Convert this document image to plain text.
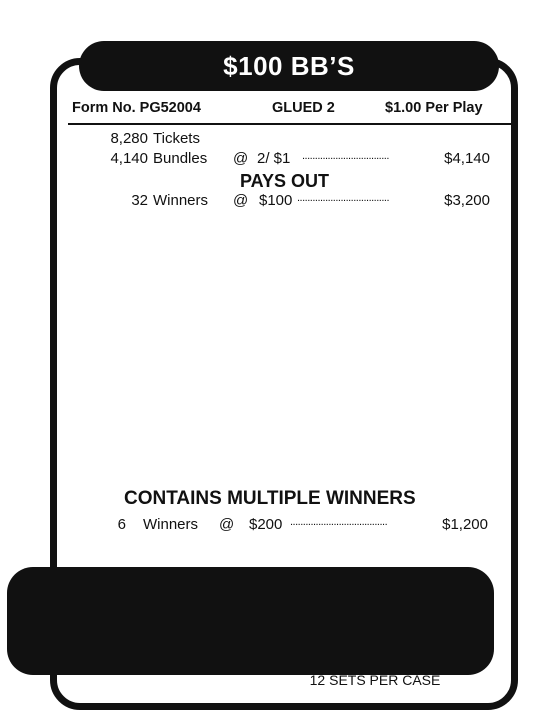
$100 BB’S
Form No. PG52004	GLUED 2	$1.00 Per Play
8,280 Tickets
4,140 Bundles @ 2/ $1 ..................................	$4,140
PAYS OUT
32 Winners @ $100 ....................................	$3,200
CONTAINS MULTIPLE WINNERS
6 Winners @ $200 ......................................	$1,200
TOTAL PAYOUT ...................... $3,200 IDEAL PROFIT ........................... $940 PAYOUT % ............. 77% PROFIT % ............. 23%
12 SETS PER CASE
